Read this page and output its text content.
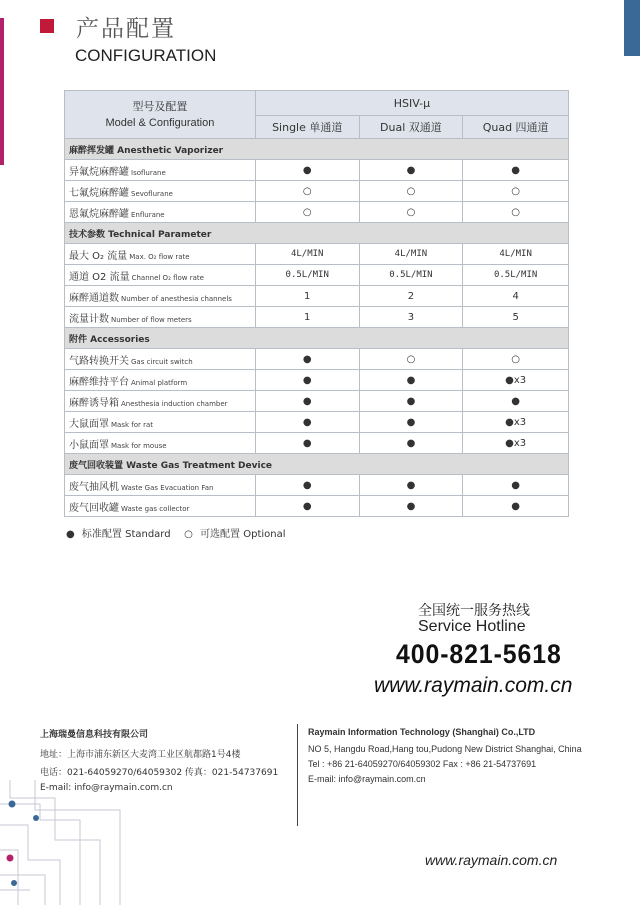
产品配置
CONFIGURATION
型号及配置
Model & Configuration	HSIV-μ		
	Single 单通道	Dual 双通道	Quad 四通道
麻醉挥发罐 Anesthetic Vaporizer			
异氟烷麻醉罐 Isoflurane	●	●	●
七氟烷麻醉罐 Sevoflurane	○	○	○
恩氟烷麻醉罐 Enflurane	○	○	○
技术参数 Technical Parameter			
最大 O₂ 流量 Max. O₂ flow rate	4L/MIN	4L/MIN	4L/MIN
通道 O2 流量 Channel O₂ flow rate	0.5L/MIN	0.5L/MIN	0.5L/MIN
麻醉通道数 Number of anesthesia channels	1	2	4
流量计数 Number of flow meters	1	3	5
附件 Accessories			
气路转换开关 Gas circuit switch	●	○	○
麻醉维持平台 Animal platform	●	●	●x3
麻醉诱导箱 Anesthesia induction chamber	●	●	●
大鼠面罩 Mask for rat	●	●	●x3
小鼠面罩 Mask for mouse	●	●	●x3
废气回收装置 Waste Gas Treatment Device			
废气抽风机 Waste Gas Evacuation Fan	●	●	●
废气回收罐 Waste gas collector	●	●	●
● 标准配置 Standard ○ 可选配置 Optional
全国统一服务热线
Service Hotline
400-821-5618
www.raymain.com.cn
上海瑞曼信息科技有限公司
地址：上海市浦东新区大麦湾工业区航都路1号4楼
电话：021-64059270/64059302 传真：021-54737691
E-mail: info@raymain.com.cn
Raymain Information Technology (Shanghai) Co.,LTD
NO 5, Hangdu Road,Hang tou,Pudong New District Shanghai, China
Tel : +86 21-64059270/64059302 Fax : +86 21-54737691
E-mail: info@raymain.com.cn
www.raymain.com.cn
